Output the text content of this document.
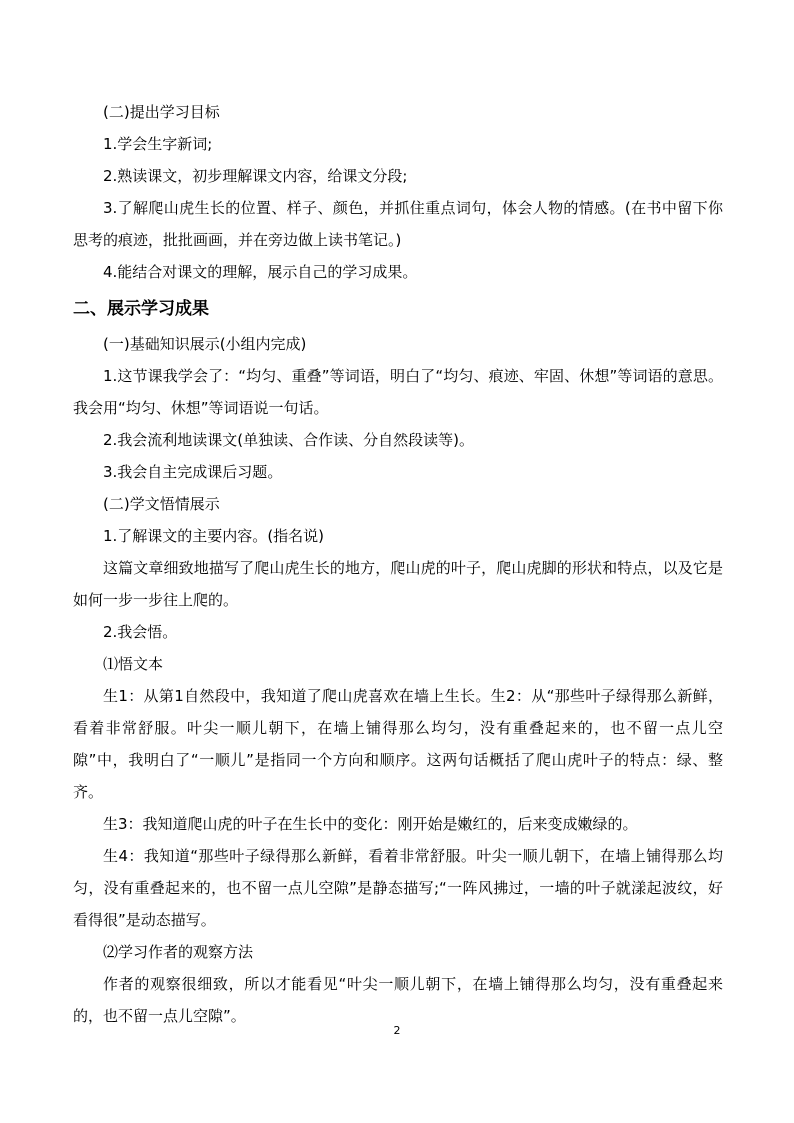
(二)提出学习目标

1.学会生字新词;

2.熟读课文，初步理解课文内容，给课文分段;

3.了解爬山虎生长的位置、样子、颜色，并抓住重点词句，体会人物的情感。(在书中留下你思考的痕迹，批批画画，并在旁边做上读书笔记。)

4.能结合对课文的理解，展示自己的学习成果。

二、展示学习成果

(一)基础知识展示(小组内完成)

1.这节课我学会了：“均匀、重叠”等词语，明白了“均匀、痕迹、牢固、休想”等词语的意思。我会用“均匀、休想”等词语说一句话。

2.我会流利地读课文(单独读、合作读、分自然段读等)。

3.我会自主完成课后习题。

(二)学文悟情展示

1.了解课文的主要内容。(指名说)

这篇文章细致地描写了爬山虎生长的地方，爬山虎的叶子，爬山虎脚的形状和特点，以及它是如何一步一步往上爬的。

2.我会悟。

⑴悟文本

生1：从第1自然段中，我知道了爬山虎喜欢在墙上生长。生2：从“那些叶子绿得那么新鲜，看着非常舒服。叶尖一顺儿朝下，在墙上铺得那么均匀，没有重叠起来的，也不留一点儿空隙”中，我明白了“一顺儿”是指同一个方向和顺序。这两句话概括了爬山虎叶子的特点：绿、整齐。

生3：我知道爬山虎的叶子在生长中的变化：刚开始是嫩红的，后来变成嫩绿的。

生4：我知道“那些叶子绿得那么新鲜，看着非常舒服。叶尖一顺儿朝下，在墙上铺得那么均匀，没有重叠起来的，也不留一点儿空隙”是静态描写;“一阵风拂过，一墙的叶子就漾起波纹，好看得很”是动态描写。

⑵学习作者的观察方法

作者的观察很细致，所以才能看见“叶尖一顺儿朝下，在墙上铺得那么均匀，没有重叠起来的，也不留一点儿空隙”。

2
